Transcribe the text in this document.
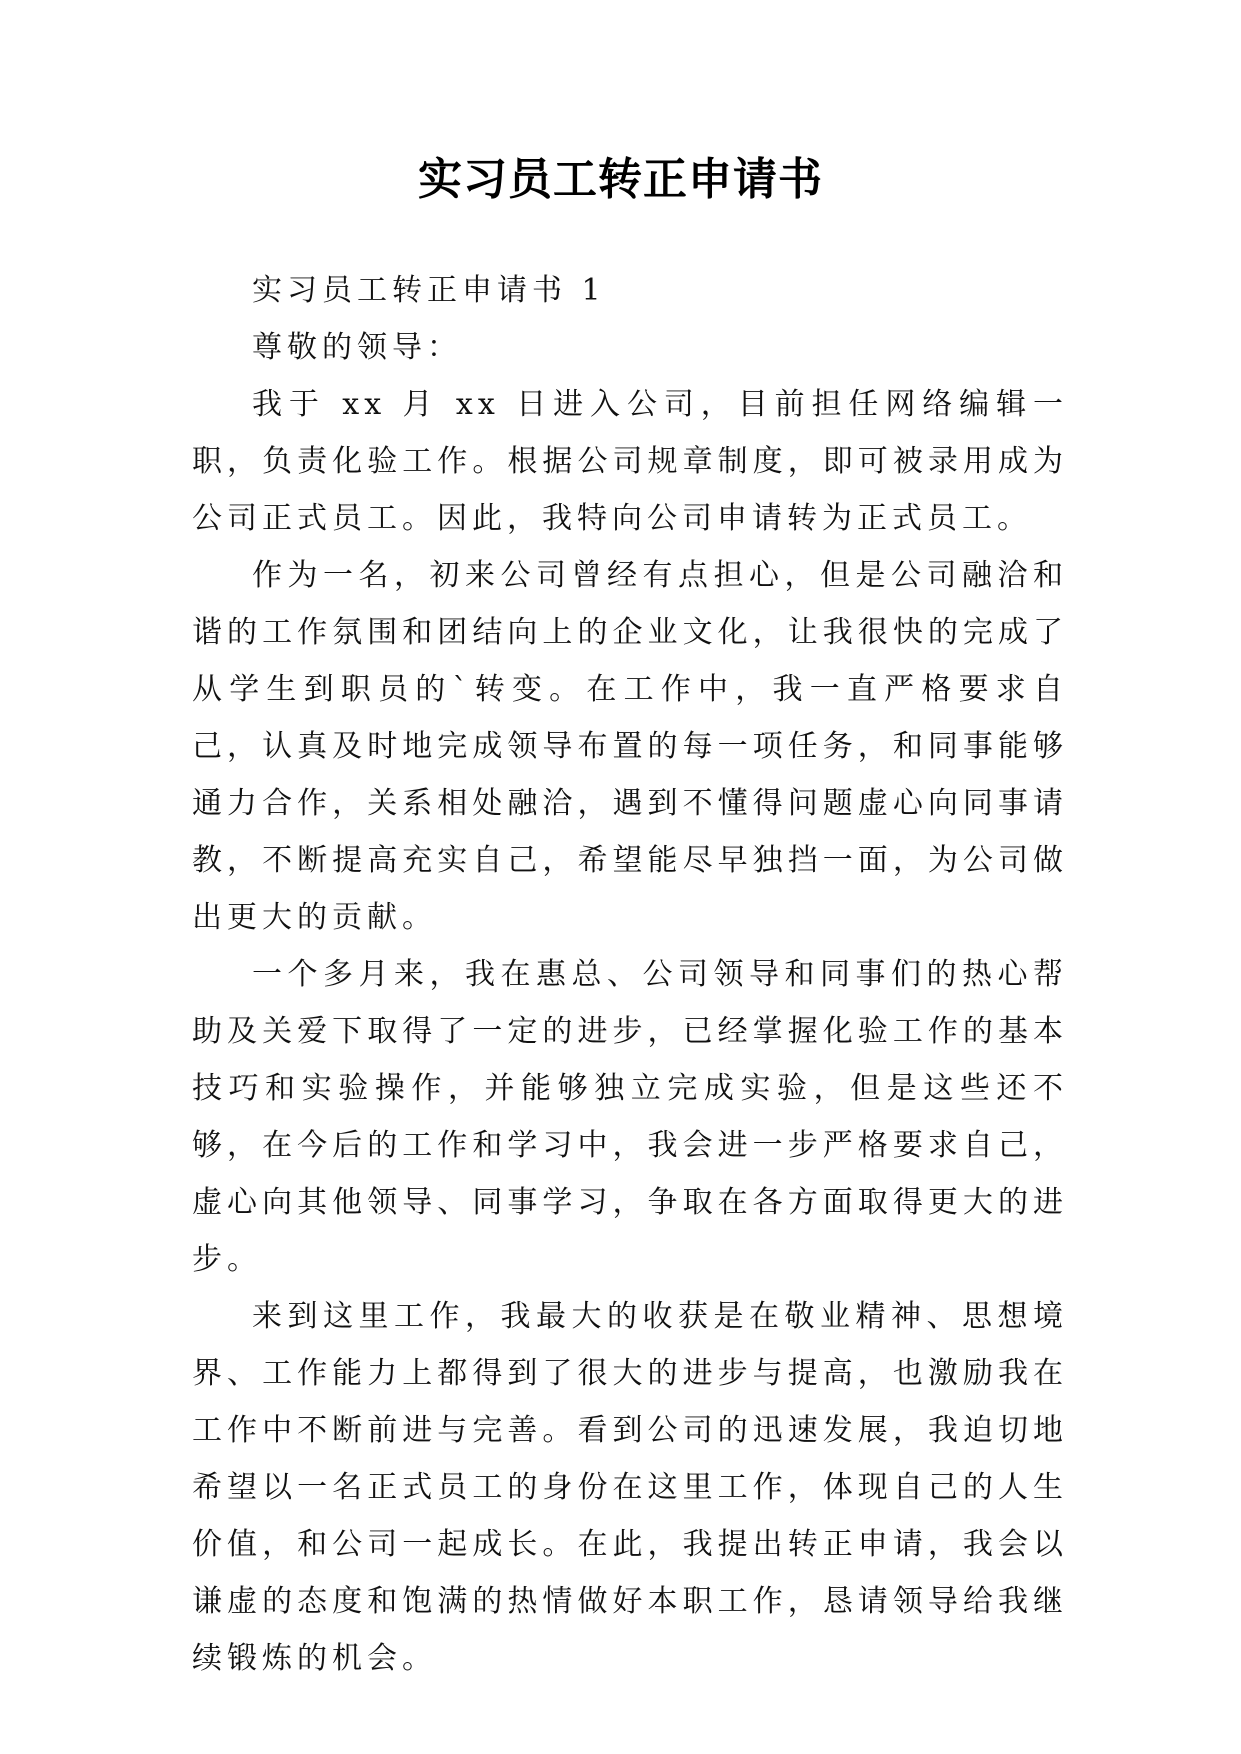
实习员工转正申请书

实习员工转正申请书 1

尊敬的领导：

我于 xx 月 xx 日进入公司，目前担任网络编辑一职，负责化验工作。根据公司规章制度，即可被录用成为公司正式员工。因此，我特向公司申请转为正式员工。

作为一名，初来公司曾经有点担心，但是公司融洽和谐的工作氛围和团结向上的企业文化，让我很快的完成了从学生到职员的`转变。在工作中，我一直严格要求自己，认真及时地完成领导布置的每一项任务，和同事能够通力合作，关系相处融洽，遇到不懂得问题虚心向同事请教，不断提高充实自己，希望能尽早独挡一面，为公司做出更大的贡献。

一个多月来，我在惠总、公司领导和同事们的热心帮助及关爱下取得了一定的进步，已经掌握化验工作的基本技巧和实验操作，并能够独立完成实验，但是这些还不够，在今后的工作和学习中，我会进一步严格要求自己，虚心向其他领导、同事学习，争取在各方面取得更大的进步。

来到这里工作，我最大的收获是在敬业精神、思想境界、工作能力上都得到了很大的进步与提高，也激励我在工作中不断前进与完善。看到公司的迅速发展，我迫切地希望以一名正式员工的身份在这里工作，体现自己的人生价值，和公司一起成长。在此，我提出转正申请，我会以谦虚的态度和饱满的热情做好本职工作，恳请领导给我继续锻炼的机会。
